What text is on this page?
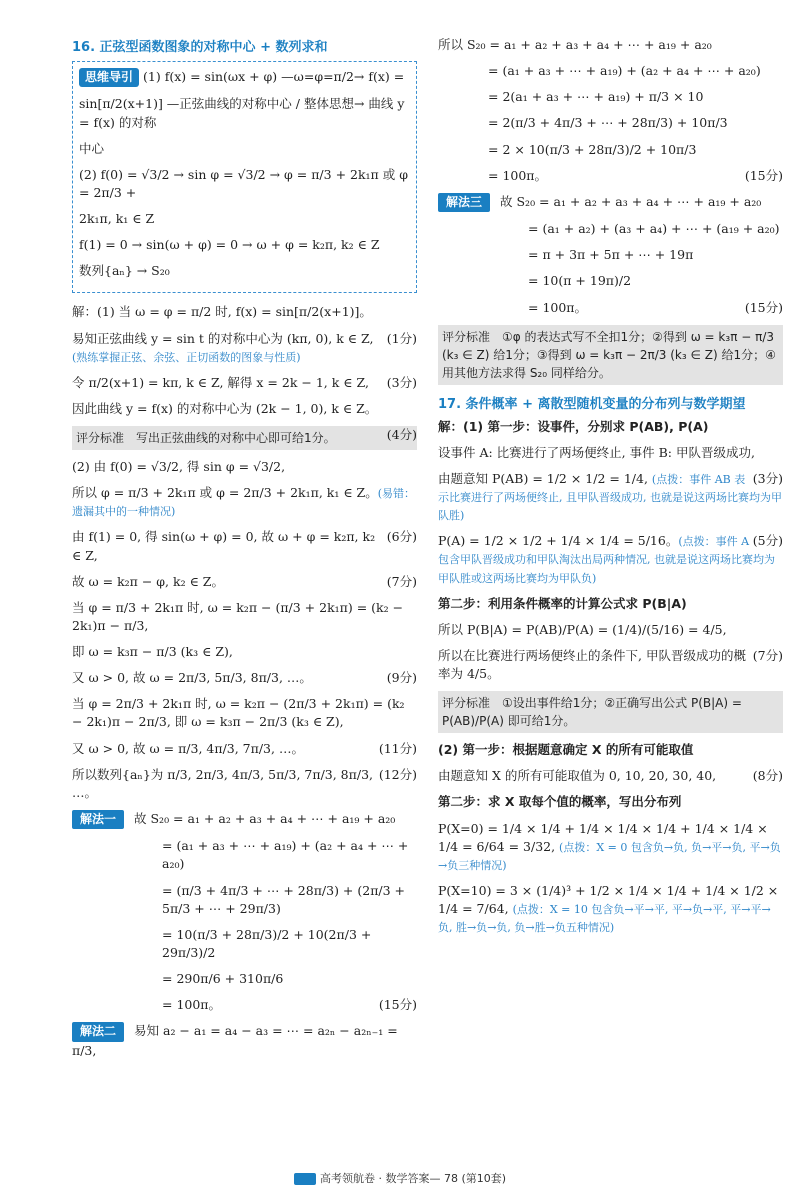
16. 正弦型函数图象的对称中心 + 数列求和
思维导引 (1) f(x) = sin(ωx + φ) —ω=φ=π/2→ f(x) =
sin[π/2(x+1)] —正弦曲线的对称中心 / 整体思想→ 曲线 y = f(x) 的对称
中心
(2) f(0) = √3/2 → sin φ = √3/2 → φ = π/3 + 2k₁π 或 φ = 2π/3 +
2k₁π, k₁ ∈ Z
f(1) = 0 → sin(ω + φ) = 0 → ω + φ = k₂π, k₂ ∈ Z
数列{aₙ} → S₂₀
解：(1) 当 ω = φ = π/2 时, f(x) = sin[π/2(x+1)]。
(1分)
易知正弦曲线 y = sin t 的对称中心为 (kπ, 0), k ∈ Z, (熟练掌握正弦、余弦、正切函数的图象与性质)
(3分)
令 π/2(x+1) = kπ, k ∈ Z, 解得 x = 2k − 1, k ∈ Z,
因此曲线 y = f(x) 的对称中心为 (2k − 1, 0), k ∈ Z。
(4分)
评分标准　写出正弦曲线的对称中心即可给1分。
(2) 由 f(0) = √3/2, 得 sin φ = √3/2,
所以 φ = π/3 + 2k₁π 或 φ = 2π/3 + 2k₁π, k₁ ∈ Z。(易错：遗漏其中的一种情况)
(6分)
由 f(1) = 0, 得 sin(ω + φ) = 0, 故 ω + φ = k₂π, k₂ ∈ Z,
(7分)
故 ω = k₂π − φ, k₂ ∈ Z。
当 φ = π/3 + 2k₁π 时, ω = k₂π − (π/3 + 2k₁π) = (k₂ − 2k₁)π − π/3,
即 ω = k₃π − π/3 (k₃ ∈ Z),
(9分)
又 ω > 0, 故 ω = 2π/3, 5π/3, 8π/3, …。
当 φ = 2π/3 + 2k₁π 时, ω = k₂π − (2π/3 + 2k₁π) = (k₂ − 2k₁)π − 2π/3, 即 ω = k₃π − 2π/3 (k₃ ∈ Z),
(11分)
又 ω > 0, 故 ω = π/3, 4π/3, 7π/3, …。
(12分)
所以数列{aₙ}为 π/3, 2π/3, 4π/3, 5π/3, 7π/3, 8π/3, …。
解法一 故 S₂₀ = a₁ + a₂ + a₃ + a₄ + ⋯ + a₁₉ + a₂₀
= (a₁ + a₃ + ⋯ + a₁₉) + (a₂ + a₄ + ⋯ + a₂₀)
= (π/3 + 4π/3 + ⋯ + 28π/3) + (2π/3 + 5π/3 + ⋯ + 29π/3)
= 10(π/3 + 28π/3)/2 + 10(2π/3 + 29π/3)/2
= 290π/6 + 310π/6
= 100π。	(15分)
解法二 易知 a₂ − a₁ = a₄ − a₃ = ⋯ = a₂ₙ − a₂ₙ₋₁ = π/3,
所以 S₂₀ = a₁ + a₂ + a₃ + a₄ + ⋯ + a₁₉ + a₂₀
= (a₁ + a₃ + ⋯ + a₁₉) + (a₂ + a₄ + ⋯ + a₂₀)
= 2(a₁ + a₃ + ⋯ + a₁₉) + π/3 × 10
= 2(π/3 + 4π/3 + ⋯ + 28π/3) + 10π/3
= 2 × 10(π/3 + 28π/3)/2 + 10π/3
= 100π。	(15分)
解法三 故 S₂₀ = a₁ + a₂ + a₃ + a₄ + ⋯ + a₁₉ + a₂₀
= (a₁ + a₂) + (a₃ + a₄) + ⋯ + (a₁₉ + a₂₀)
= π + 3π + 5π + ⋯ + 19π
= 10(π + 19π)/2
= 100π。	(15分)
评分标准　①φ 的表达式写不全扣1分；②得到 ω = k₃π − π/3 (k₃ ∈ Z) 给1分；③得到 ω = k₃π − 2π/3 (k₃ ∈ Z) 给1分；④用其他方法求得 S₂₀ 同样给分。
17. 条件概率 + 离散型随机变量的分布列与数学期望
解：(1) 第一步：设事件，分别求 P(AB), P(A)
设事件 A: 比赛进行了两场便终止, 事件 B: 甲队晋级成功,
(3分)
由题意知 P(AB) = 1/2 × 1/2 = 1/4, (点拨：事件 AB 表示比赛进行了两场便终止, 且甲队晋级成功, 也就是说这两场比赛均为甲队胜)
(5分)
P(A) = 1/2 × 1/2 + 1/4 × 1/4 = 5/16。(点拨：事件 A 包含甲队晋级成功和甲队淘汰出局两种情况, 也就是说这两场比赛均为甲队胜或这两场比赛均为甲队负)
第二步：利用条件概率的计算公式求 P(B|A)
所以 P(B|A) = P(AB)/P(A) = (1/4)/(5/16) = 4/5,
(7分)
所以在比赛进行两场便终止的条件下, 甲队晋级成功的概率为 4/5。
评分标准　①设出事件给1分；②正确写出公式 P(B|A) = P(AB)/P(A) 即可给1分。
(2) 第一步：根据题意确定 X 的所有可能取值
(8分)
由题意知 X 的所有可能取值为 0, 10, 20, 30, 40,
第二步：求 X 取每个值的概率，写出分布列
P(X=0) = 1/4 × 1/4 + 1/4 × 1/4 × 1/4 + 1/4 × 1/4 × 1/4 = 6/64 = 3/32, (点拨：X = 0 包含负→负, 负→平→负, 平→负→负三种情况)
P(X=10) = 3 × (1/4)³ + 1/2 × 1/4 × 1/4 + 1/4 × 1/2 × 1/4 = 7/64, (点拨：X = 10 包含负→平→平, 平→负→平, 平→平→负, 胜→负→负, 负→胜→负五种情况)
高考领航卷 · 数学答案— 78 (第10套)
